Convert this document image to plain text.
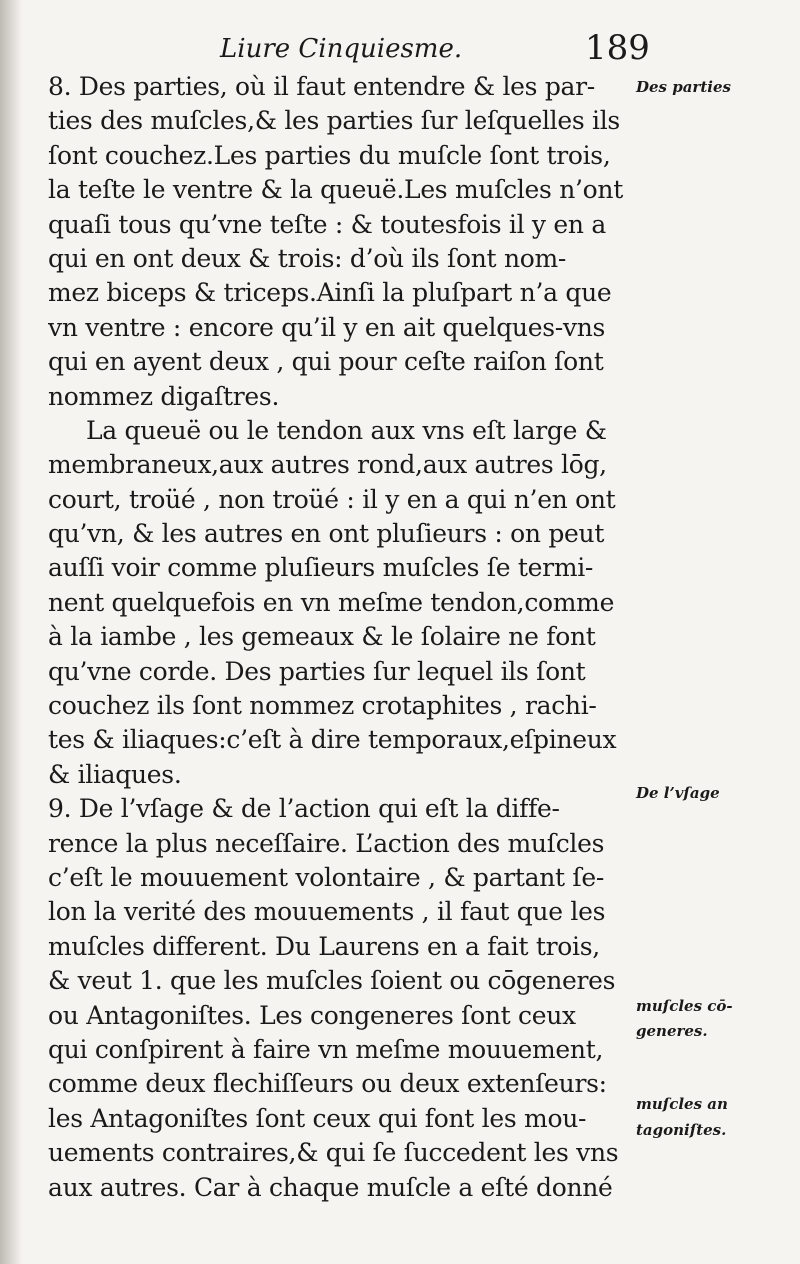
Liure Cinquiesme.	189
8. Des parties, où il faut entendre & les par-
ties des muſcles,& les parties ſur leſquelles ils
ſont couchez.Les parties du muſcle ſont trois,
la teſte le ventre & la queuë.Les muſcles n’ont
quaſi tous qu’vne teſte : & toutesfois il y en a
qui en ont deux & trois: d’où ils ſont nom-
mez biceps & triceps.Ainſi la pluſpart n’a que
vn ventre : encore qu’il y en ait quelques-vns
qui en ayent deux , qui pour ceſte raiſon ſont
nommez digaſtres.
La queuë ou le tendon aux vns eſt large &
membraneux,aux autres rond,aux autres lōg,
court, troüé , non troüé : il y en a qui n’en ont
qu’vn, & les autres en ont pluſieurs : on peut
auſſi voir comme pluſieurs muſcles ſe termi-
nent quelquefois en vn meſme tendon,comme
à la iambe , les gemeaux & le ſolaire ne font
qu’vne corde. Des parties ſur lequel ils ſont
couchez ils ſont nommez crotaphites , rachi-
tes & iliaques:c’eſt à dire temporaux,eſpineux
& iliaques.
9. De l’vſage & de l’action qui eſt la diffe-
rence la plus neceſſaire. L’action des muſcles
c’eſt le mouuement volontaire , & partant ſe-
lon la verité des mouuements , il faut que les
muſcles different. Du Laurens en a fait trois,
& veut 1. que les muſcles ſoient ou cōgeneres
ou Antagoniſtes. Les congeneres ſont ceux
qui conſpirent à faire vn meſme mouuement,
comme deux flechiſſeurs ou deux extenſeurs:
les Antagoniſtes ſont ceux qui font les mou-
uements contraires,& qui ſe ſuccedent les vns
aux autres. Car à chaque muſcle a eſté donné
Des parties
De l’vſage
muſcles cō-
generes.
muſcles an
tagoniſtes.
